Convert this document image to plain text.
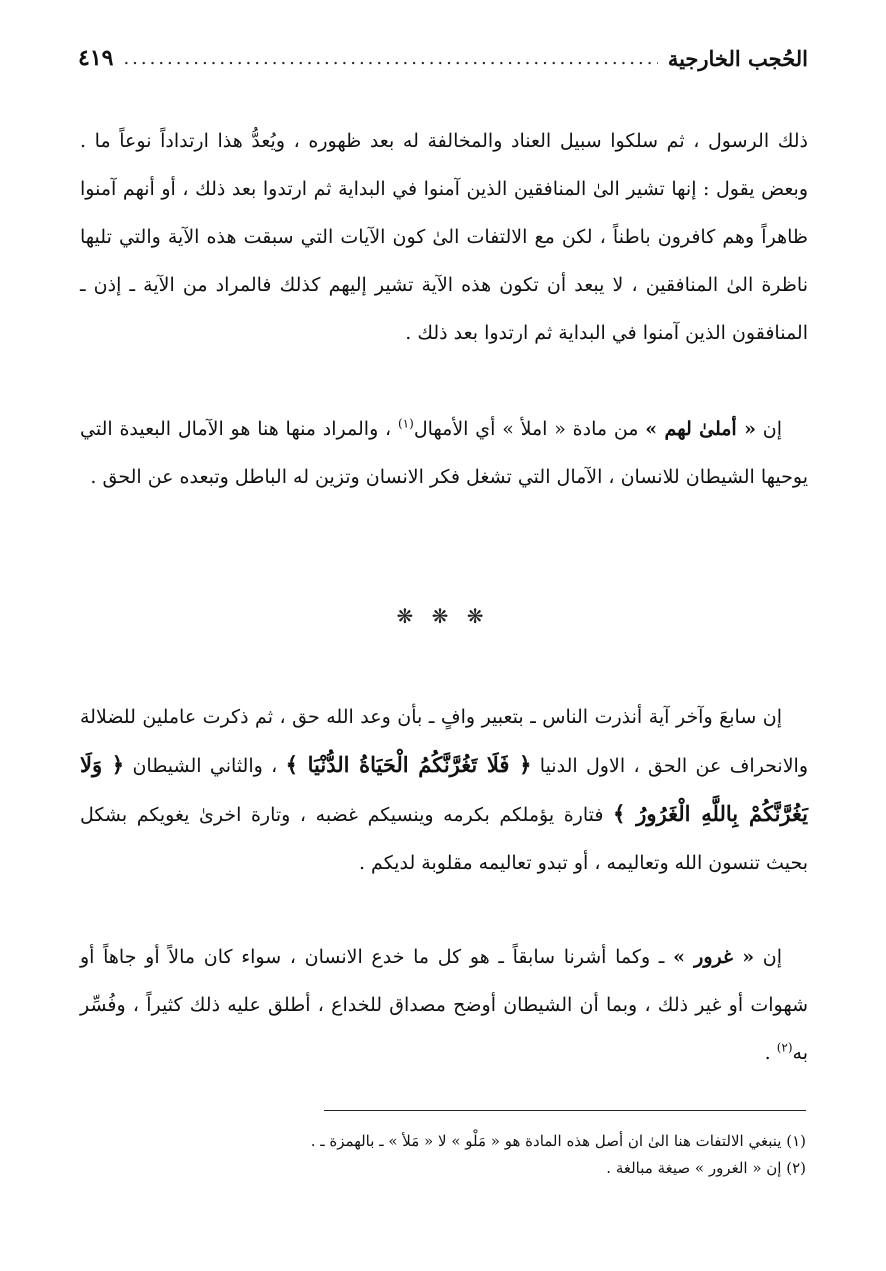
الحُجب الخارجية
.....
٤١٩

ذلك الرسول ، ثم سلكوا سبيل العناد والمخالفة له بعد ظهوره ، ويُعدُّ هذا ارتداداً نوعاً ما . وبعض يقول : إنها تشير الىٰ المنافقين الذين آمنوا في البداية ثم ارتدوا بعد ذلك ، أو أنهم آمنوا ظاهراً وهم كافرون باطناً ، لكن مع الالتفات الىٰ كون الآيات التي سبقت هذه الآية والتي تليها ناظرة الىٰ المنافقين ، لا يبعد أن تكون هذه الآية تشير إليهم كذلك فالمراد من الآية ـ إذن ـ المنافقون الذين آمنوا في البداية ثم ارتدوا بعد ذلك .

إن « أملىٰ لهم » من مادة « املأ » أي الأمهال$^{(١)}$ ، والمراد منها هنا هو الآمال البعيدة التي يوحيها الشيطان للانسان ، الآمال التي تشغل فكر الانسان وتزين له الباطل وتبعده عن الحق .

❋ ❋ ❋

إن سابعَ وآخر آية أنذرت الناس ـ بتعبير وافٍ ـ بأن وعد الله حق ، ثم ذكرت عاملين للضلالة والانحراف عن الحق ، الاول الدنيا ﴿ فَلَا تَغُرَّنَّكُمُ الْحَيَاةُ الدُّنْيَا ﴾ ، والثاني الشيطان ﴿ وَلَا يَغُرَّنَّكُمْ بِاللَّهِ الْغَرُورُ ﴾ فتارة يؤملكم بكرمه وينسيكم غضبه ، وتارة اخرىٰ يغويكم بشكل بحيث تنسون الله وتعاليمه ، أو تبدو تعاليمه مقلوبة لديكم .

إن « غرور » ـ وكما أشرنا سابقاً ـ هو كل ما خدع الانسان ، سواء كان مالاً أو جاهاً أو شهوات أو غير ذلك ، وبما أن الشيطان أوضح مصداق للخداع ، أطلق عليه ذلك كثيراً ، وفُسِّر به$^{(٢)}$ .

(١) ينبغي الالتفات هنا الىٰ ان أصل هذه المادة هو « مَلْو » لا « مَلأ » ـ بالهمزة ـ .

(٢) إن « الغرور » صيغة مبالغة .
